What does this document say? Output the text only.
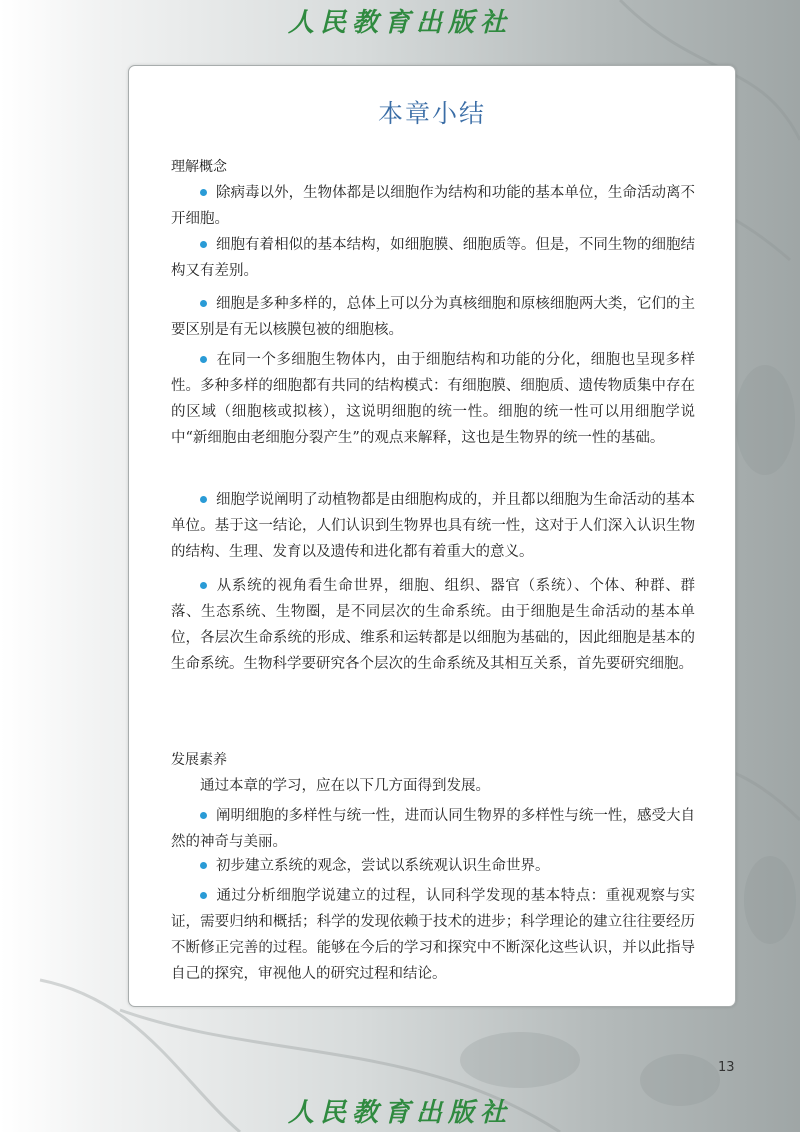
人民教育出版社
本章小结
理解概念
除病毒以外，生物体都是以细胞作为结构和功能的基本单位，生命活动离不开细胞。
细胞有着相似的基本结构，如细胞膜、细胞质等。但是，不同生物的细胞结构又有差别。
细胞是多种多样的，总体上可以分为真核细胞和原核细胞两大类，它们的主要区别是有无以核膜包被的细胞核。
在同一个多细胞生物体内，由于细胞结构和功能的分化，细胞也呈现多样性。多种多样的细胞都有共同的结构模式：有细胞膜、细胞质、遗传物质集中存在的区域（细胞核或拟核），这说明细胞的统一性。细胞的统一性可以用细胞学说中“新细胞由老细胞分裂产生”的观点来解释，这也是生物界的统一性的基础。
细胞学说阐明了动植物都是由细胞构成的，并且都以细胞为生命活动的基本单位。基于这一结论，人们认识到生物界也具有统一性，这对于人们深入认识生物的结构、生理、发育以及遗传和进化都有着重大的意义。
从系统的视角看生命世界，细胞、组织、器官（系统）、个体、种群、群落、生态系统、生物圈，是不同层次的生命系统。由于细胞是生命活动的基本单位，各层次生命系统的形成、维系和运转都是以细胞为基础的，因此细胞是基本的生命系统。生物科学要研究各个层次的生命系统及其相互关系，首先要研究细胞。
发展素养
通过本章的学习，应在以下几方面得到发展。
阐明细胞的多样性与统一性，进而认同生物界的多样性与统一性，感受大自然的神奇与美丽。
初步建立系统的观念，尝试以系统观认识生命世界。
通过分析细胞学说建立的过程，认同科学发现的基本特点：重视观察与实证，需要归纳和概括；科学的发现依赖于技术的进步；科学理论的建立往往要经历不断修正完善的过程。能够在今后的学习和探究中不断深化这些认识，并以此指导自己的探究，审视他人的研究过程和结论。
13
人民教育出版社
